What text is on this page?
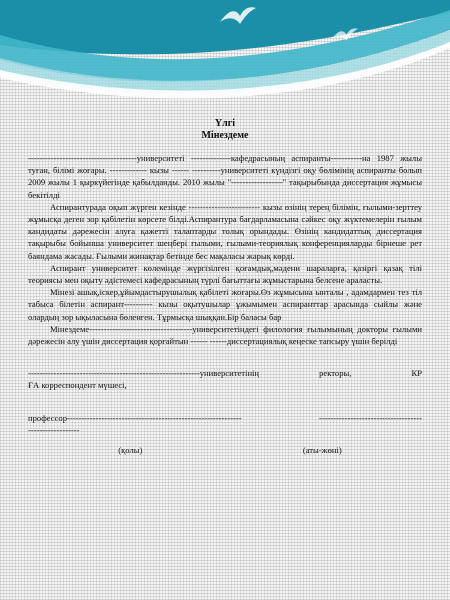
Үлгі
Мінездеме

--------------------------------------университеті --------------кафедрасының аспиранты-----------на 1987 жылы туған, білімі жоғары. ------------- кызы ------ ----------университеті күндізгі оқу бөлімінің аспиранты болып 2009 жылы 1 қыркүйегінде қабылданды. 2010 жылы "------------------" тақырыбында диссертация жұмысы бекітілді

Аспирантурада оқып жүрген кезінде ------------------------- кызы өзінің терең білімін, ғылыми-зерттеу жұмысқа деген зор қабілетін көрсете білді.Аспирантура бағдарламасына сәйкес оқу жүктемелерін ғылым кандидаты дәрежесін алуға қажетті талаптарды толық орындады. Өзінің кандидаттық диссертация тақырыбы бойынша университет шеңбері ғылыми, ғылыми-теориялық конференцияларды бірнеше рет баяндама жасады. Ғылыми жинақтар бетінде бес мақаласы жарық көрді.

Аспирант университет көлемінде жүргізілген қоғамдық,мәдени шараларға, қазіргі қазақ тілі теориясы мен оқыту әдістемесі кафедрасының түрлі бағыттағы жұмыстарына белсене араласты.

Мінезі ашық,іскер,ұйымдастырушылық қабілеті жоғары.Өз жұмысына ынталы , адамдармен тез тіл табыса білетін аспирант---------- кызы оқытушылар ұжымымен аспиранттар арасында сыйлы және олардың зор ықыласына бөленген. Тұрмысқа шыққан.Бір баласы бар

Мінездеме------------------------------------университетіндегі филология ғылымының докторы ғылыми дәрежесін алу үшін диссертация қорғайтын ------ ------диссертациялық кеңеске тапсыру үшін берілді

------------------------------------------------------------университетінің	ректоры,	КР
ҒА корреспондент мүшесі,
профессор-------------------------------------------------------------	------------------------------------
------------------
(қолы)	(аты-жөні)
